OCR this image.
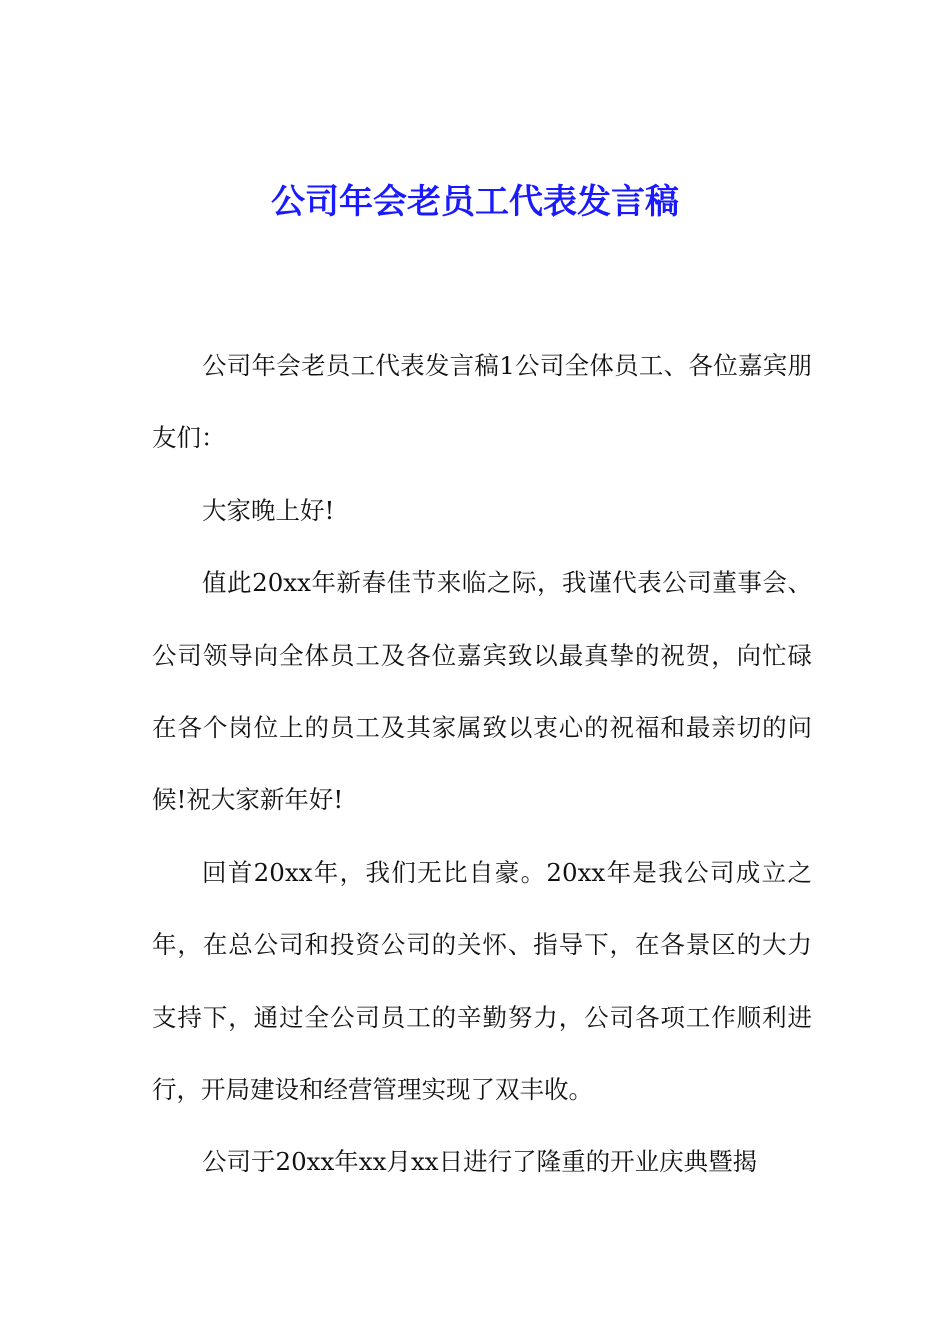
公司年会老员工代表发言稿

公司年会老员工代表发言稿1公司全体员工、各位嘉宾朋友们：

大家晚上好!

值此20xx年新春佳节来临之际，我谨代表公司董事会、公司领导向全体员工及各位嘉宾致以最真挚的祝贺，向忙碌在各个岗位上的员工及其家属致以衷心的祝福和最亲切的问候!祝大家新年好!

回首20xx年，我们无比自豪。20xx年是我公司成立之年，在总公司和投资公司的关怀、指导下，在各景区的大力支持下，通过全公司员工的辛勤努力，公司各项工作顺利进行，开局建设和经营管理实现了双丰收。

公司于20xx年xx月xx日进行了隆重的开业庆典暨揭
